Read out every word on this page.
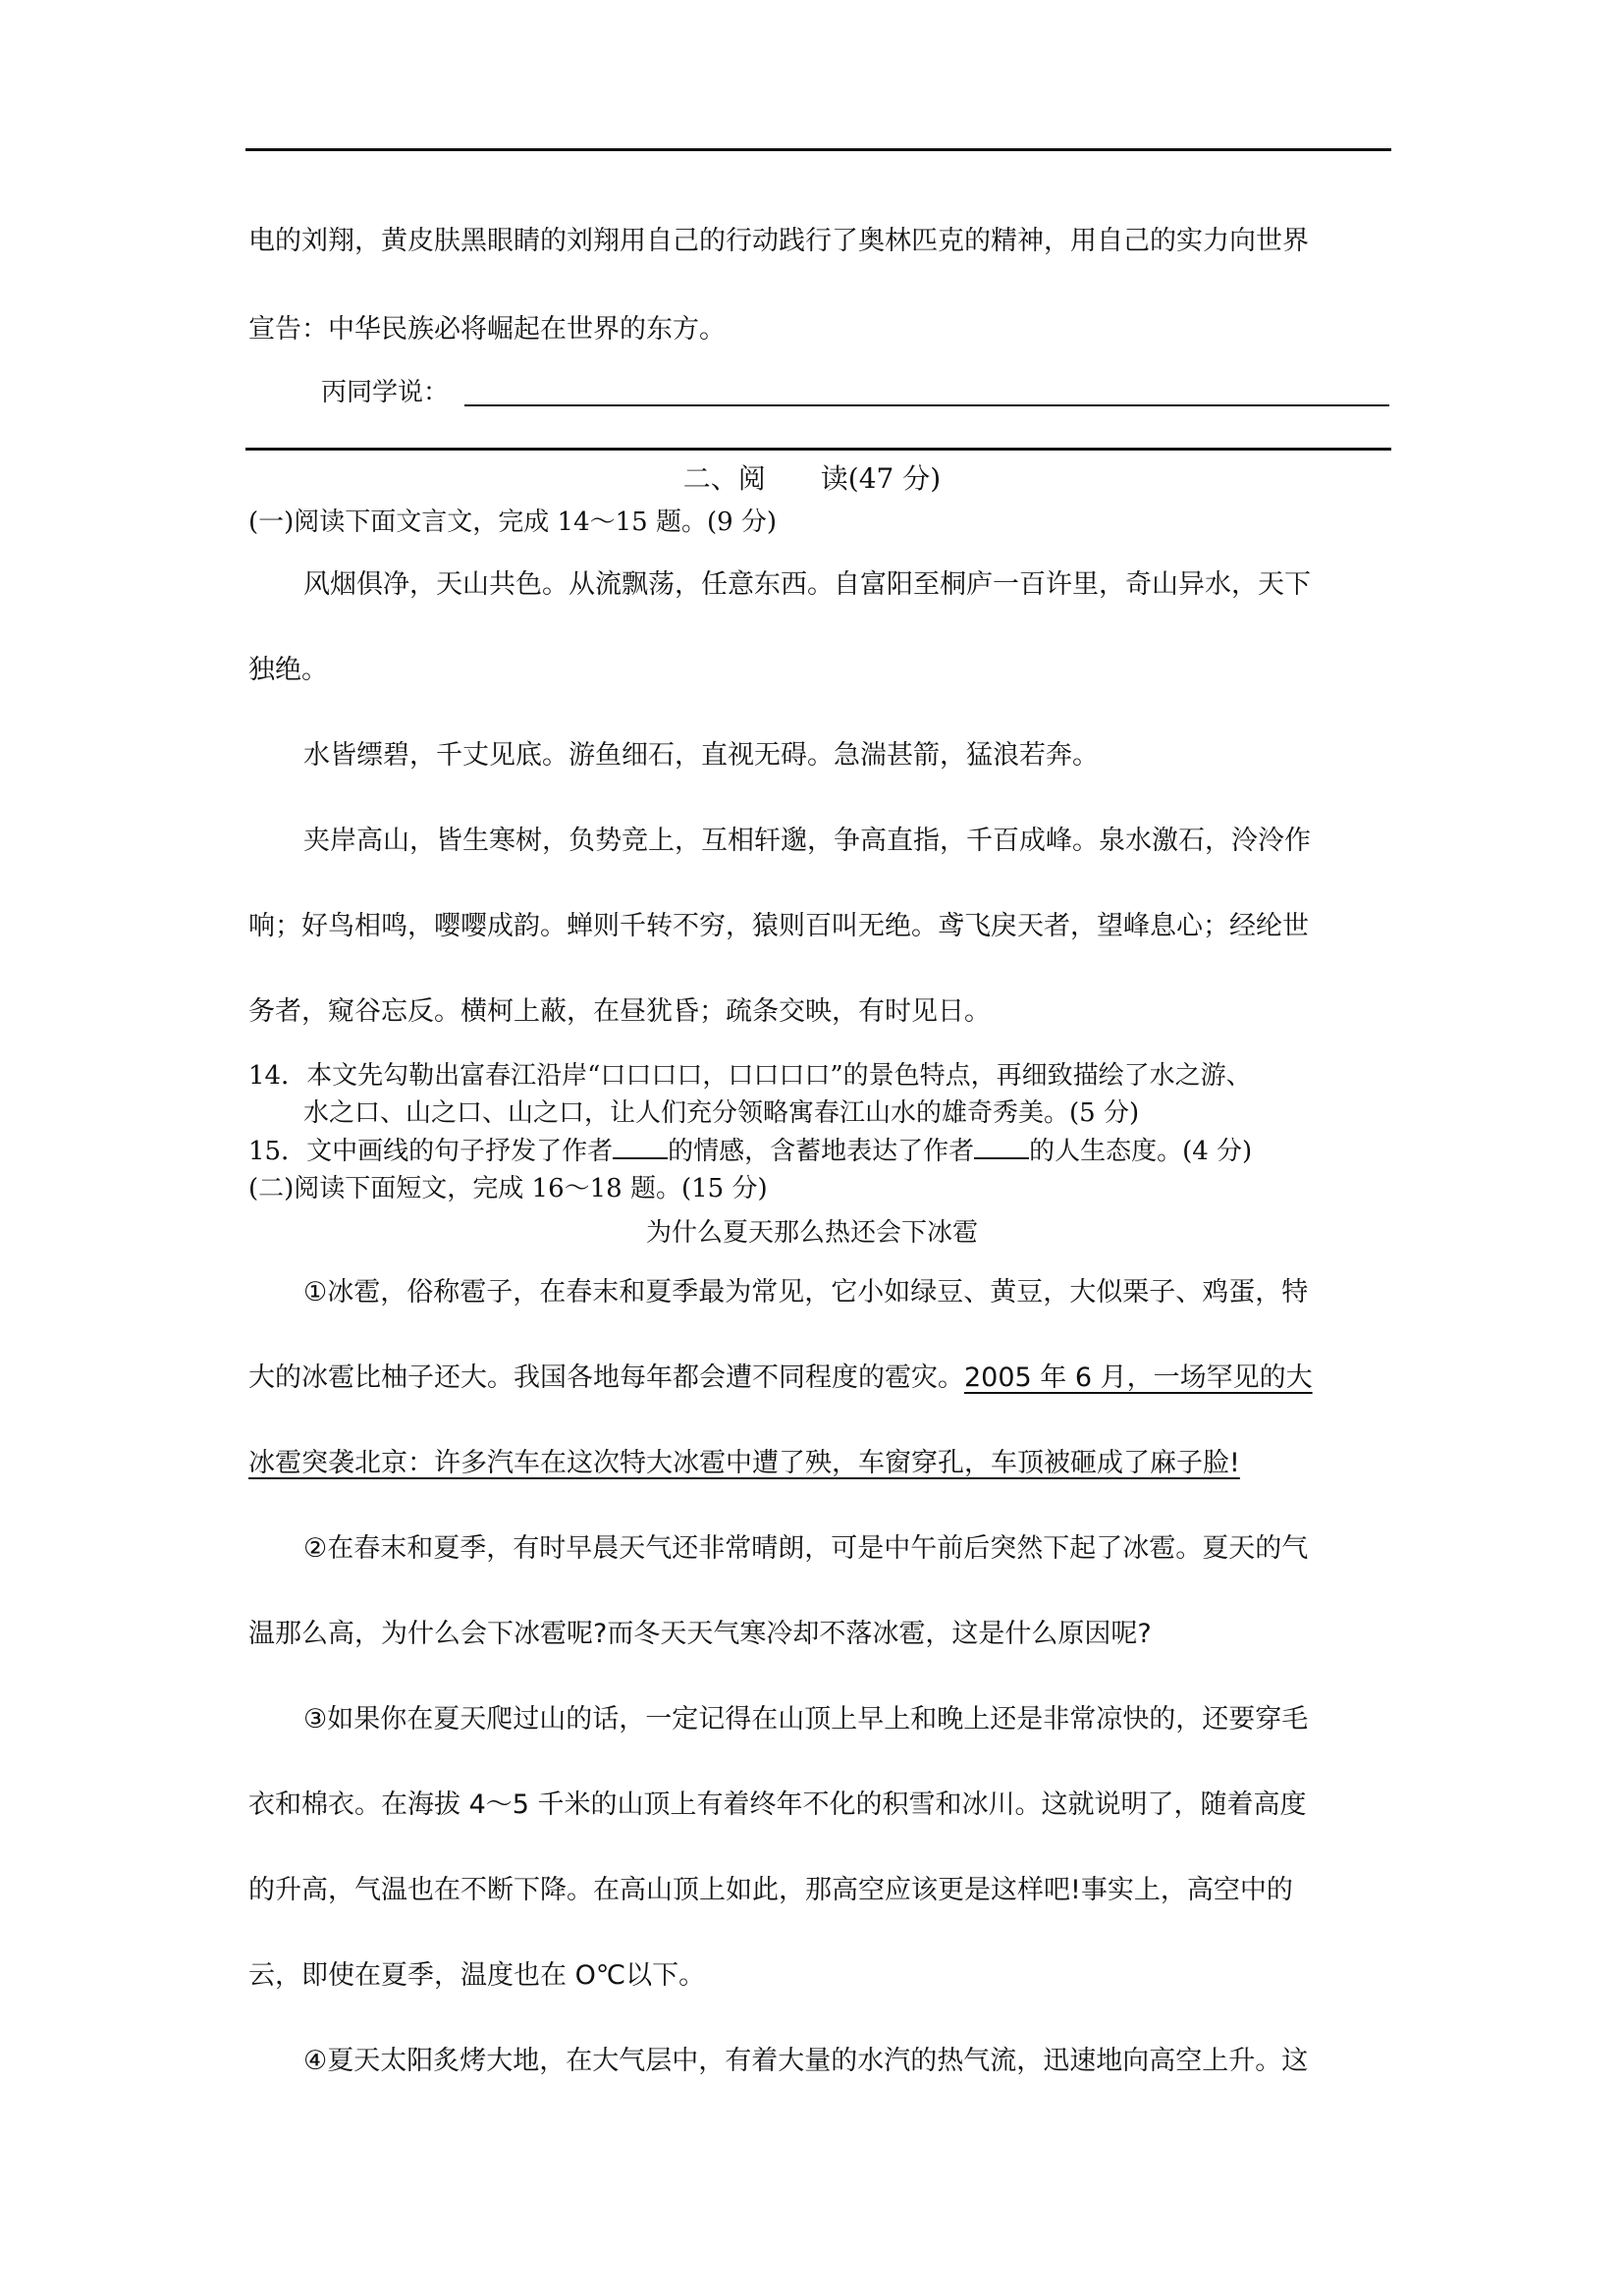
电的刘翔，黄皮肤黑眼睛的刘翔用自己的行动践行了奥林匹克的精神，用自己的实力向世界
宣告：中华民族必将崛起在世界的东方。
丙同学说：
二、阅　　读(47 分)
(一)阅读下面文言文，完成 14～15 题。(9 分)
风烟俱净，天山共色。从流飘荡，任意东西。自富阳至桐庐一百许里，奇山异水，天下
独绝。
水皆缥碧，千丈见底。游鱼细石，直视无碍。急湍甚箭，猛浪若奔。
夹岸高山，皆生寒树，负势竞上，互相轩邈，争高直指，千百成峰。泉水激石，泠泠作
响；好鸟相鸣，嘤嘤成韵。蝉则千转不穷，猿则百叫无绝。鸢飞戾天者，望峰息心；经纶世
务者，窥谷忘反。横柯上蔽，在昼犹昏；疏条交映，有时见日。
14．本文先勾勒出富春江沿岸“口口口口，口口口口”的景色特点，再细致描绘了水之游、
水之口、山之口、山之口，让人们充分领略寓春江山水的雄奇秀美。(5 分)
15．文中画线的句子抒发了作者 的情感，含蓄地表达了作者 的人生态度。(4 分)
(二)阅读下面短文，完成 16～18 题。(15 分)
为什么夏天那么热还会下冰雹
①冰雹，俗称雹子，在春末和夏季最为常见，它小如绿豆、黄豆，大似栗子、鸡蛋，特
大的冰雹比柚子还大。我国各地每年都会遭不同程度的雹灾。2005 年 6 月，一场罕见的大
冰雹突袭北京：许多汽车在这次特大冰雹中遭了殃，车窗穿孔，车顶被砸成了麻子脸!
②在春末和夏季，有时早晨天气还非常晴朗，可是中午前后突然下起了冰雹。夏天的气
温那么高，为什么会下冰雹呢?而冬天天气寒冷却不落冰雹，这是什么原因呢?
③如果你在夏天爬过山的话，一定记得在山顶上早上和晚上还是非常凉快的，还要穿毛
衣和棉衣。在海拔 4～5 千米的山顶上有着终年不化的积雪和冰川。这就说明了，随着高度
的升高，气温也在不断下降。在高山顶上如此，那高空应该更是这样吧!事实上，高空中的
云，即使在夏季，温度也在 O℃以下。
④夏天太阳炙烤大地，在大气层中，有着大量的水汽的热气流，迅速地向高空上升。这
